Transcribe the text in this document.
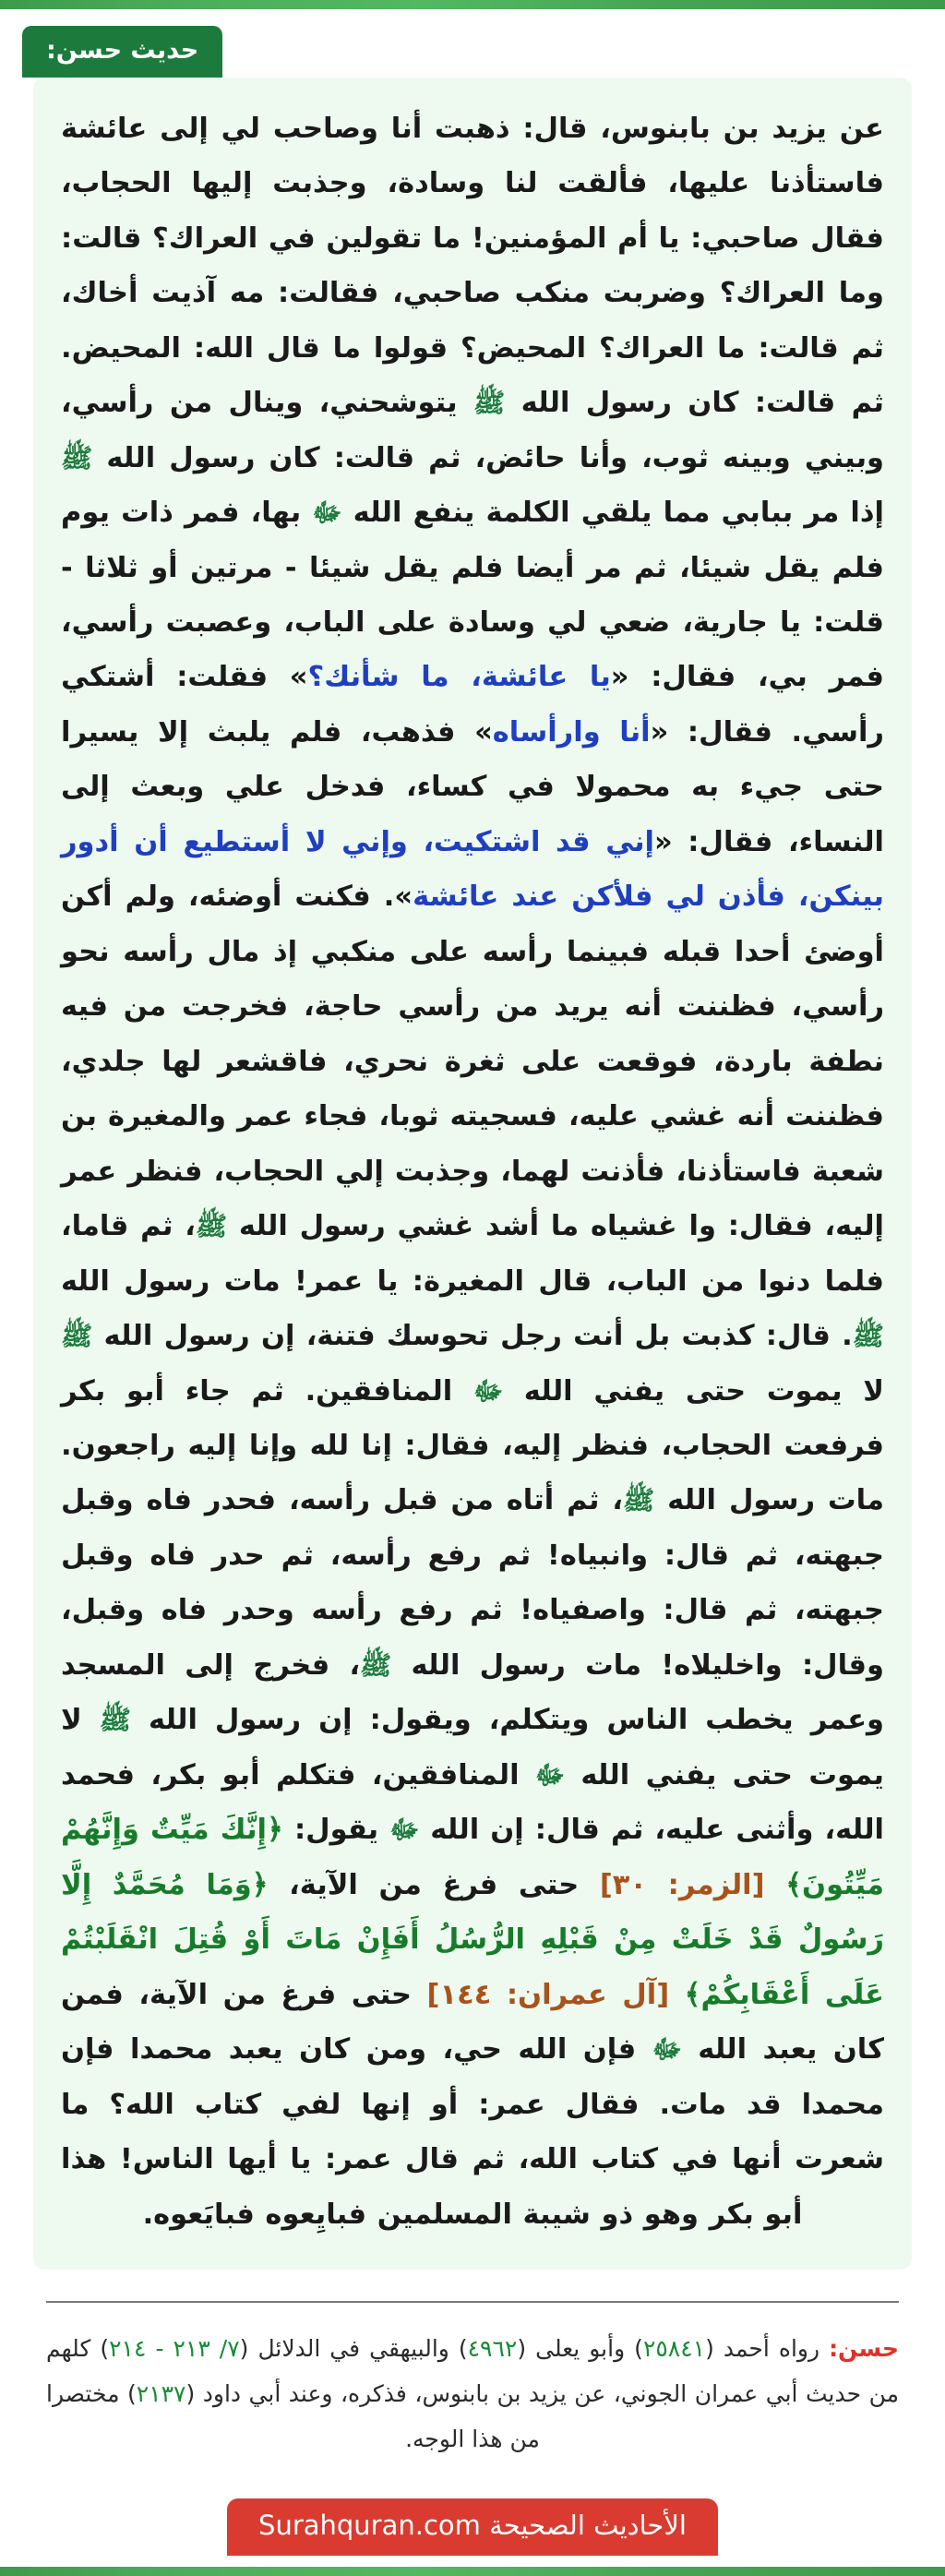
حديث حسن:
عن يزيد بن بابنوس، قال: ذهبت أنا وصاحب لي إلى عائشة فاستأذنا عليها، فألقت لنا وسادة، وجذبت إليها الحجاب، فقال صاحبي: يا أم المؤمنين! ما تقولين في العراك؟ قالت: وما العراك؟ وضربت منكب صاحبي، فقالت: مه آذيت أخاك، ثم قالت: ما العراك؟ المحيض؟ قولوا ما قال الله: المحيض. ثم قالت: كان رسول الله ﷺ يتوشحني، وينال من رأسي، وبيني وبينه ثوب، وأنا حائض، ثم قالت: كان رسول الله ﷺ إذا مر ببابي مما يلقي الكلمة ينفع الله ﷻ بها، فمر ذات يوم فلم يقل شيئا، ثم مر أيضا فلم يقل شيئا - مرتين أو ثلاثا - قلت: يا جارية، ضعي لي وسادة على الباب، وعصبت رأسي، فمر بي، فقال: «يا عائشة، ما شأنك؟» فقلت: أشتكي رأسي. فقال: «أنا وارأساه» فذهب، فلم يلبث إلا يسيرا حتى جيء به محمولا في كساء، فدخل علي وبعث إلى النساء، فقال: «إني قد اشتكيت، وإني لا أستطيع أن أدور بينكن، فأذن لي فلأكن عند عائشة». فكنت أوضئه، ولم أكن أوضئ أحدا قبله فبينما رأسه على منكبي إذ مال رأسه نحو رأسي، فظننت أنه يريد من رأسي حاجة، فخرجت من فيه نطفة باردة، فوقعت على ثغرة نحري، فاقشعر لها جلدي، فظننت أنه غشي عليه، فسجيته ثوبا، فجاء عمر والمغيرة بن شعبة فاستأذنا، فأذنت لهما، وجذبت إلي الحجاب، فنظر عمر إليه، فقال: وا غشياه ما أشد غشي رسول الله ﷺ، ثم قاما، فلما دنوا من الباب، قال المغيرة: يا عمر! مات رسول الله ﷺ. قال: كذبت بل أنت رجل تحوسك فتنة، إن رسول الله ﷺ لا يموت حتى يفني الله ﷻ المنافقين. ثم جاء أبو بكر فرفعت الحجاب، فنظر إليه، فقال: إنا لله وإنا إليه راجعون. مات رسول الله ﷺ، ثم أتاه من قبل رأسه، فحدر فاه وقبل جبهته، ثم قال: وانبياه! ثم رفع رأسه، ثم حدر فاه وقبل جبهته، ثم قال: واصفياه! ثم رفع رأسه وحدر فاه وقبل، وقال: واخليلاه! مات رسول الله ﷺ، فخرج إلى المسجد وعمر يخطب الناس ويتكلم، ويقول: إن رسول الله ﷺ لا يموت حتى يفني الله ﷻ المنافقين، فتكلم أبو بكر، فحمد الله، وأثنى عليه، ثم قال: إن الله ﷻ يقول: ﴿إِنَّكَ مَيِّتٌ وَإِنَّهُمْ مَيِّتُونَ﴾ [الزمر: ٣٠] حتى فرغ من الآية، ﴿وَمَا مُحَمَّدٌ إِلَّا رَسُولٌ قَدْ خَلَتْ مِنْ قَبْلِهِ الرُّسُلُ أَفَإِنْ مَاتَ أَوْ قُتِلَ انْقَلَبْتُمْ عَلَى أَعْقَابِكُمْ﴾ [آل عمران: ١٤٤] حتى فرغ من الآية، فمن كان يعبد الله ﷻ فإن الله حي، ومن كان يعبد محمدا فإن محمدا قد مات. فقال عمر: أو إنها لفي كتاب الله؟ ما شعرت أنها في كتاب الله، ثم قال عمر: يا أيها الناس! هذا أبو بكر وهو ذو شيبة المسلمين فبايِعوه فبايَعوه.
حسن: رواه أحمد (٢٥٨٤١) وأبو يعلى (٤٩٦٢) والبيهقي في الدلائل (٧/ ٢١٣ - ٢١٤) كلهم من حديث أبي عمران الجوني، عن يزيد بن بابنوس، فذكره، وعند أبي داود (٢١٣٧) مختصرا من هذا الوجه.
الأحاديث الصحيحة Surahquran.com
